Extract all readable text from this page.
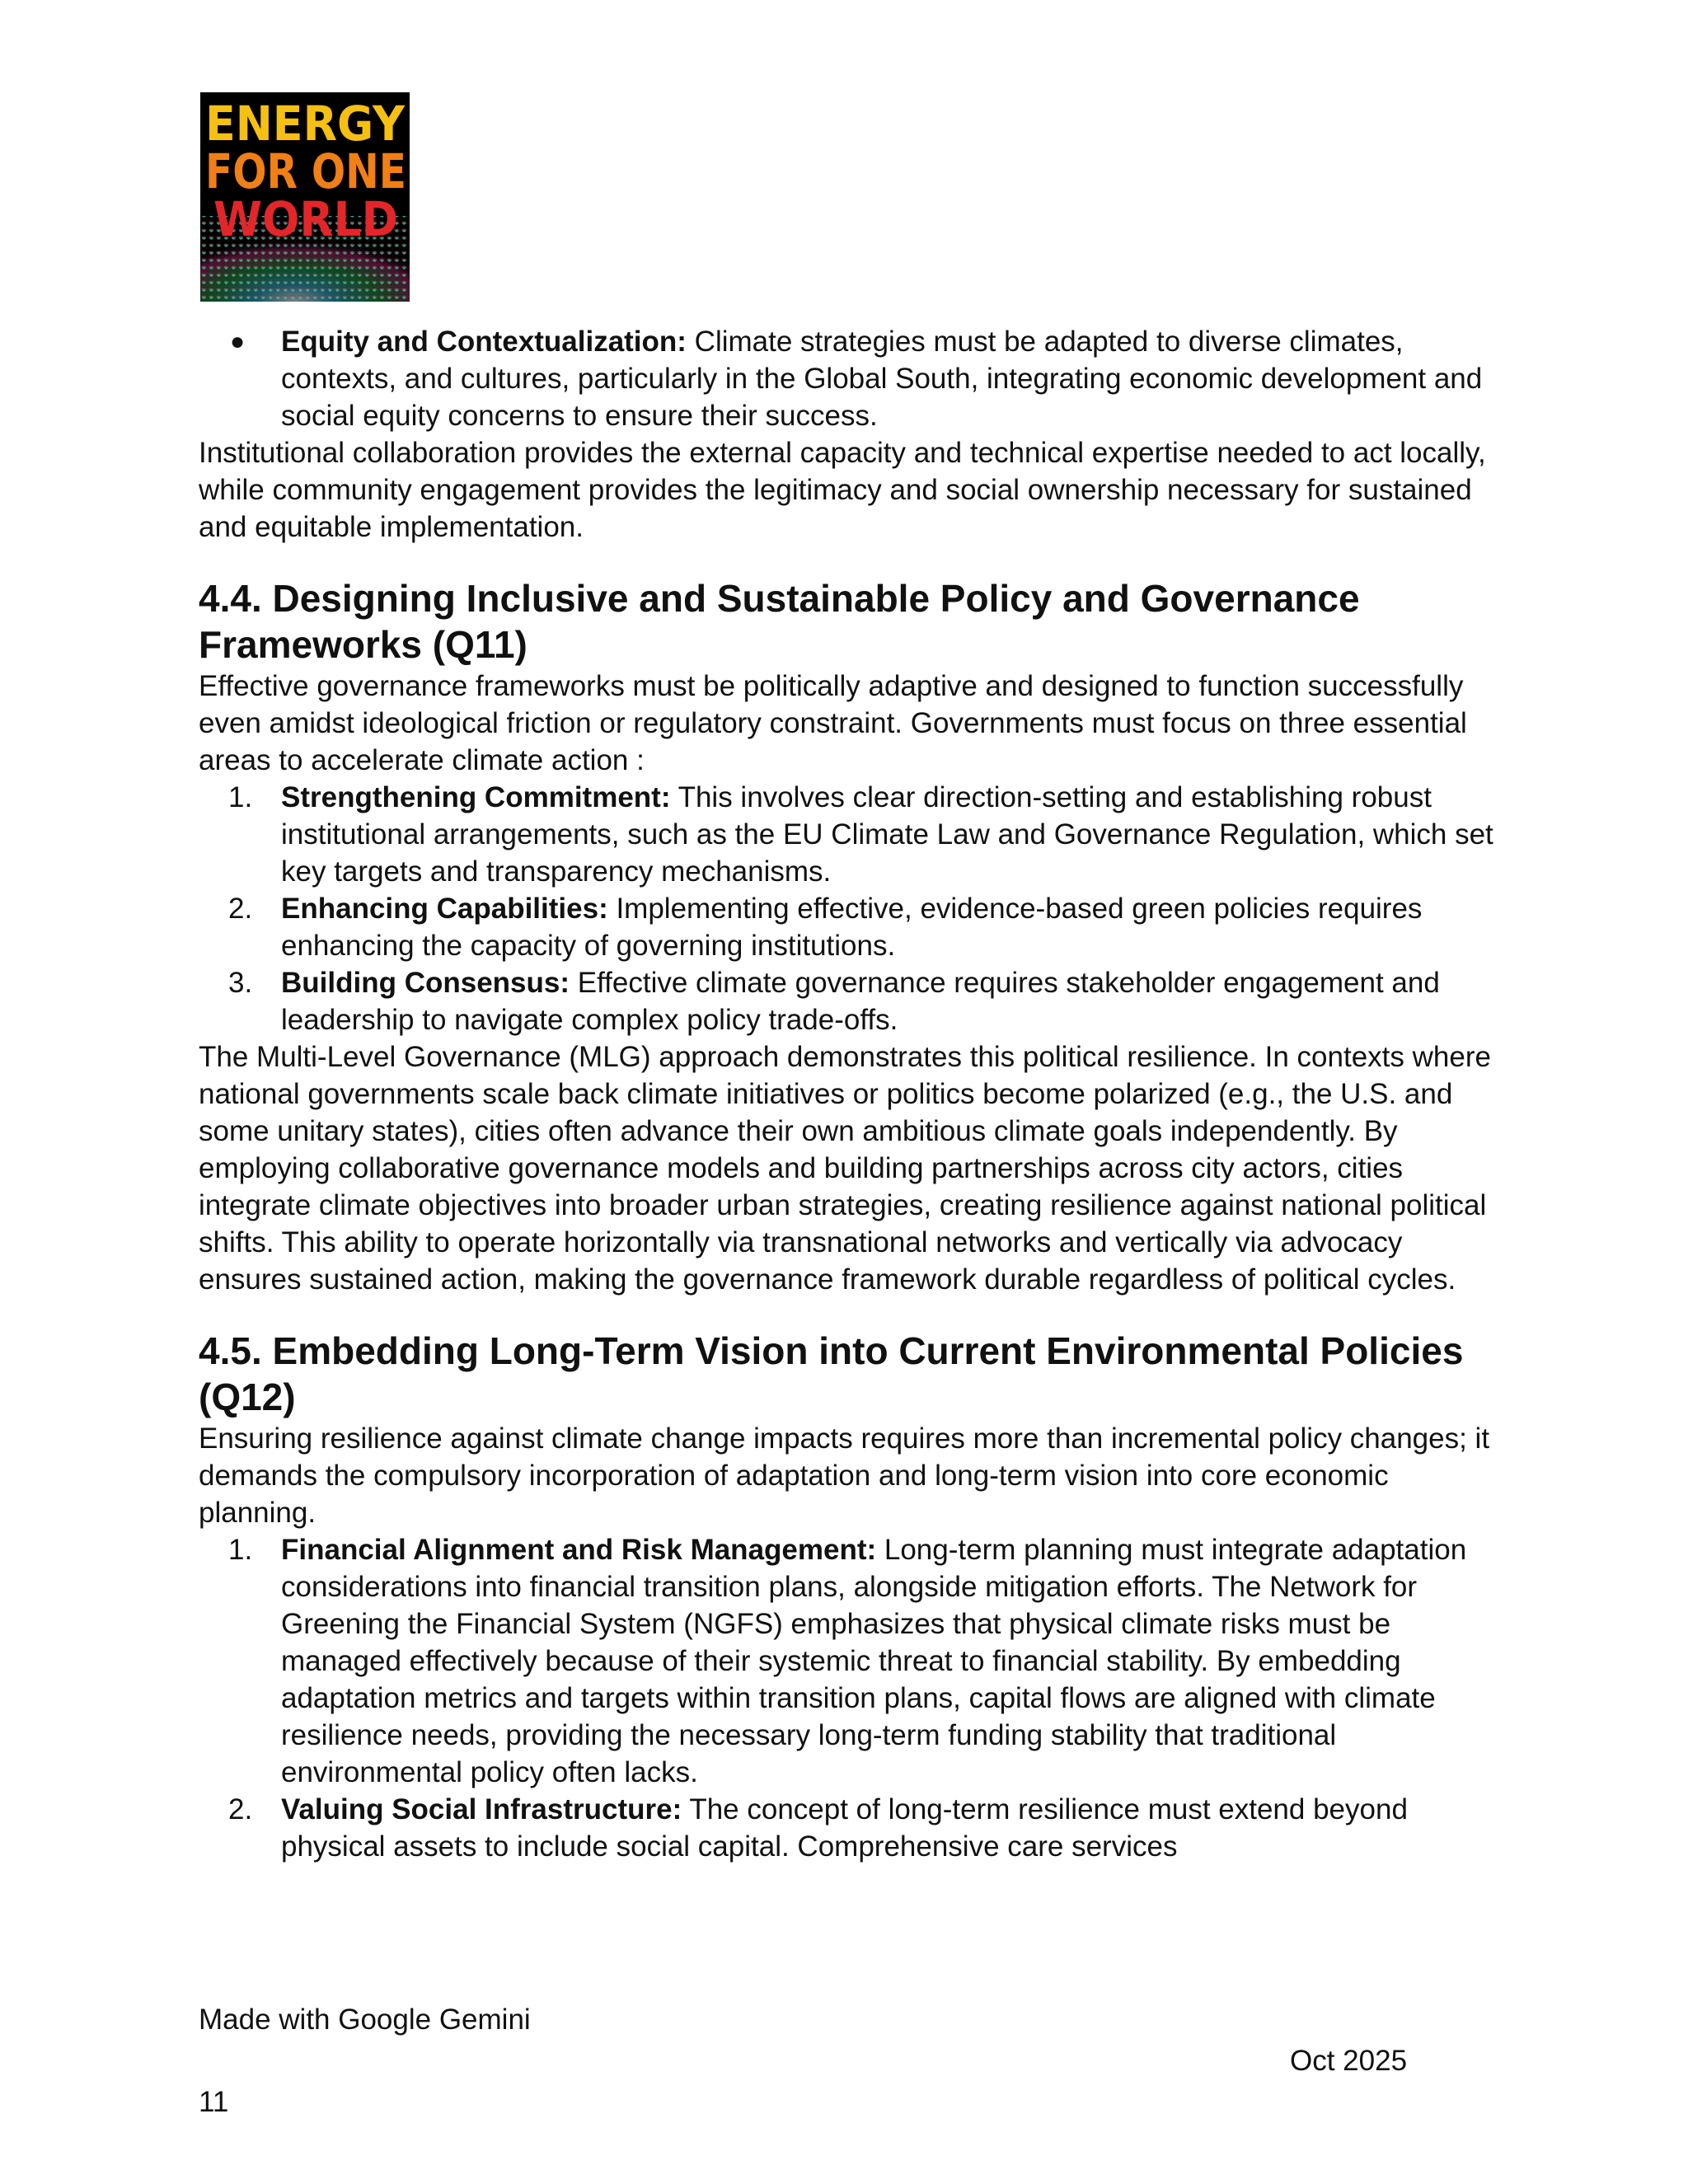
ENERGY
FOR ONE
WORLD
● Equity and Contextualization: Climate strategies must be adapted to diverse climates, contexts, and cultures, particularly in the Global South, integrating economic development and social equity concerns to ensure their success.

Institutional collaboration provides the external capacity and technical expertise needed to act locally, while community engagement provides the legitimacy and social ownership necessary for sustained and equitable implementation.

4.4. Designing Inclusive and Sustainable Policy and Governance Frameworks (Q11)

Effective governance frameworks must be politically adaptive and designed to function successfully even amidst ideological friction or regulatory constraint. Governments must focus on three essential areas to accelerate climate action :

1. Strengthening Commitment: This involves clear direction-setting and establishing robust institutional arrangements, such as the EU Climate Law and Governance Regulation, which set key targets and transparency mechanisms.
2. Enhancing Capabilities: Implementing effective, evidence-based green policies requires enhancing the capacity of governing institutions.
3. Building Consensus: Effective climate governance requires stakeholder engagement and leadership to navigate complex policy trade-offs.

The Multi-Level Governance (MLG) approach demonstrates this political resilience. In contexts where national governments scale back climate initiatives or politics become polarized (e.g., the U.S. and some unitary states), cities often advance their own ambitious climate goals independently. By employing collaborative governance models and building partnerships across city actors, cities integrate climate objectives into broader urban strategies, creating resilience against national political shifts. This ability to operate horizontally via transnational networks and vertically via advocacy ensures sustained action, making the governance framework durable regardless of political cycles.

4.5. Embedding Long-Term Vision into Current Environmental Policies (Q12)

Ensuring resilience against climate change impacts requires more than incremental policy changes; it demands the compulsory incorporation of adaptation and long-term vision into core economic planning.

1. Financial Alignment and Risk Management: Long-term planning must integrate adaptation considerations into financial transition plans, alongside mitigation efforts. The Network for Greening the Financial System (NGFS) emphasizes that physical climate risks must be managed effectively because of their systemic threat to financial stability. By embedding adaptation metrics and targets within transition plans, capital flows are aligned with climate resilience needs, providing the necessary long-term funding stability that traditional environmental policy often lacks.
2. Valuing Social Infrastructure: The concept of long-term resilience must extend beyond physical assets to include social capital. Comprehensive care services
Made with Google Gemini
Oct 2025
11
